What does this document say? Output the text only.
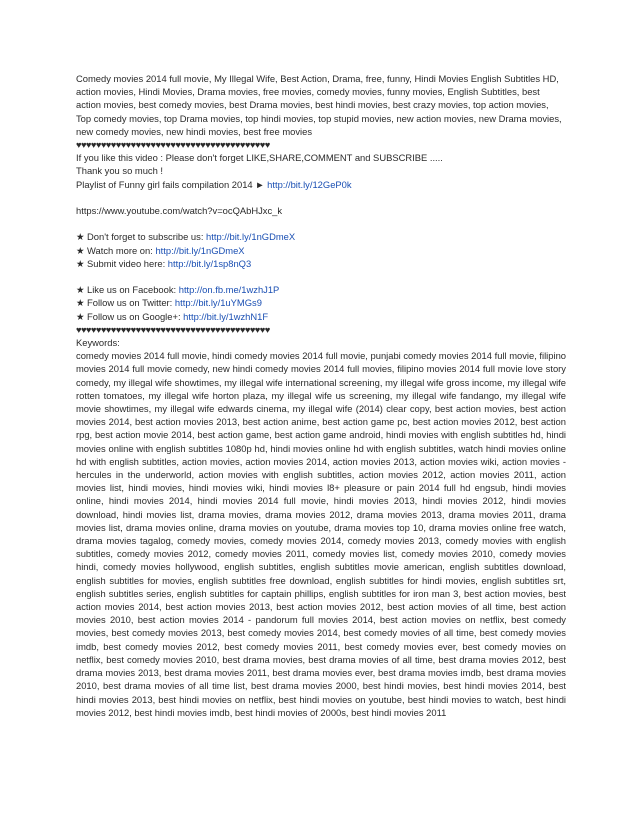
Comedy movies 2014 full movie, My Illegal Wife, Best Action, Drama, free, funny, Hindi Movies English Subtitles HD, action movies, Hindi Movies, Drama movies, free movies, comedy movies, funny movies, English Subtitles, best action movies, best comedy movies, best Drama movies, best hindi movies, best crazy movies, top action movies, Top comedy movies, top Drama movies, top hindi movies, top stupid movies, new action movies, new Drama movies, new comedy movies, new hindi movies, best free movies

♥♥♥♥♥♥♥♥♥♥♥♥♥♥♥♥♥♥♥♥♥♥♥♥♥♥♥♥♥♥♥♥♥♥♥♥♥♥♥

If you like this video : Please don't forget LIKE,SHARE,COMMENT and SUBSCRIBE .....

Thank you so much !

Playlist of Funny girl fails compilation 2014 ► http://bit.ly/12GeP0k

https://www.youtube.com/watch?v=ocQAbHJxc_k

★ Don't forget to subscribe us: http://bit.ly/1nGDmeX

★ Watch more on: http://bit.ly/1nGDmeX

★ Submit video here: http://bit.ly/1sp8nQ3

★ Like us on Facebook: http://on.fb.me/1wzhJ1P

★ Follow us on Twitter: http://bit.ly/1uYMGs9

★ Follow us on Google+: http://bit.ly/1wzhN1F

♥♥♥♥♥♥♥♥♥♥♥♥♥♥♥♥♥♥♥♥♥♥♥♥♥♥♥♥♥♥♥♥♥♥♥♥♥♥♥

Keywords:

comedy movies 2014 full movie, hindi comedy movies 2014 full movie, punjabi comedy movies 2014 full movie, filipino movies 2014 full movie comedy, new hindi comedy movies 2014 full movies, filipino movies 2014 full movie love story comedy, my illegal wife showtimes, my illegal wife international screening, my illegal wife gross income, my illegal wife rotten tomatoes, my illegal wife horton plaza, my illegal wife us screening, my illegal wife fandango, my illegal wife movie showtimes, my illegal wife edwards cinema, my illegal wife (2014) clear copy, best action movies, best action movies 2014, best action movies 2013, best action anime, best action game pc, best action movies 2012, best action rpg, best action movie 2014, best action game, best action game android, hindi movies with english subtitles hd, hindi movies online with english subtitles 1080p hd, hindi movies online hd with english subtitles, watch hindi movies online hd with english subtitles, action movies, action movies 2014, action movies 2013, action movies wiki, action movies - hercules in the underworld, action movies with english subtitles, action movies 2012, action movies 2011, action movies list, hindi movies, hindi movies wiki, hindi movies l8+ pleasure or pain 2014 full hd engsub, hindi movies online, hindi movies 2014, hindi movies 2014 full movie, hindi movies 2013, hindi movies 2012, hindi movies download, hindi movies list, drama movies, drama movies 2012, drama movies 2013, drama movies 2011, drama movies list, drama movies online, drama movies on youtube, drama movies top 10, drama movies online free watch, drama movies tagalog, comedy movies, comedy movies 2014, comedy movies 2013, comedy movies with english subtitles, comedy movies 2012, comedy movies 2011, comedy movies list, comedy movies 2010, comedy movies hindi, comedy movies hollywood, english subtitles, english subtitles movie american, english subtitles download, english subtitles for movies, english subtitles free download, english subtitles for hindi movies, english subtitles srt, english subtitles series, english subtitles for captain phillips, english subtitles for iron man 3, best action movies, best action movies 2014, best action movies 2013, best action movies 2012, best action movies of all time, best action movies 2010, best action movies 2014 - pandorum full movies 2014, best action movies on netflix, best comedy movies, best comedy movies 2013, best comedy movies 2014, best comedy movies of all time, best comedy movies imdb, best comedy movies 2012, best comedy movies 2011, best comedy movies ever, best comedy movies on netflix, best comedy movies 2010, best drama movies, best drama movies of all time, best drama movies 2012, best drama movies 2013, best drama movies 2011, best drama movies ever, best drama movies imdb, best drama movies 2010, best drama movies of all time list, best drama movies 2000, best hindi movies, best hindi movies 2014, best hindi movies 2013, best hindi movies on netflix, best hindi movies on youtube, best hindi movies to watch, best hindi movies 2012, best hindi movies imdb, best hindi movies of 2000s, best hindi movies 2011
